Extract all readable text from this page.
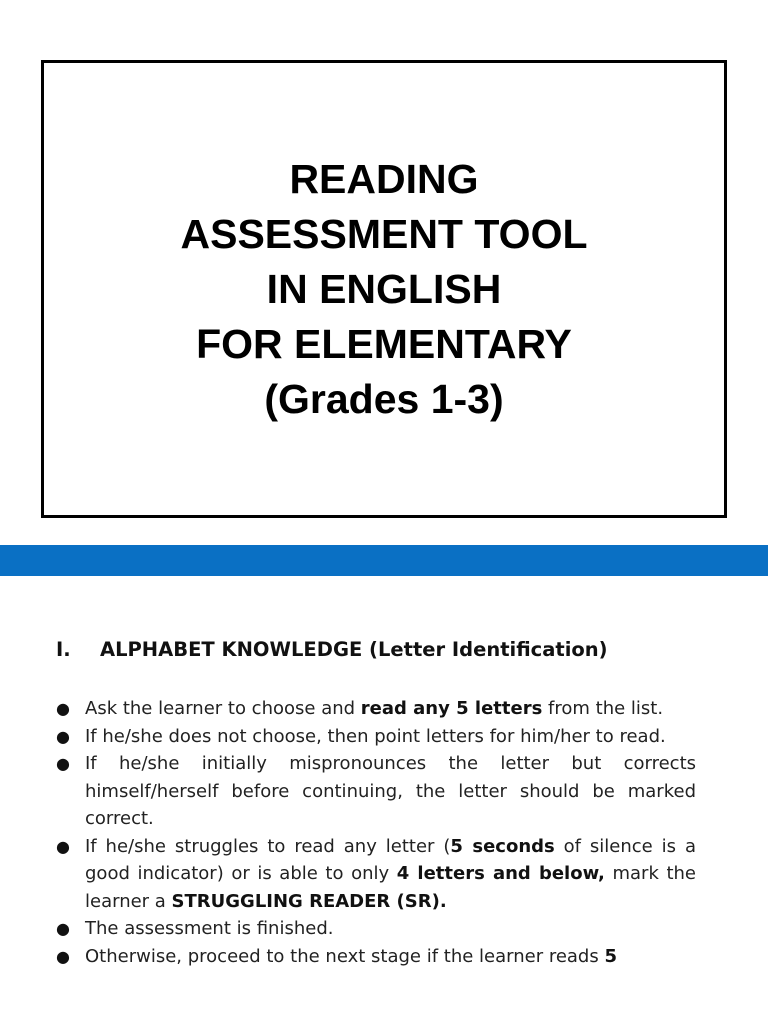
READING
ASSESSMENT TOOL
IN ENGLISH
FOR ELEMENTARY
(Grades 1-3)
I. ALPHABET KNOWLEDGE (Letter Identification)
● Ask the learner to choose and read any 5 letters from the list.
● If he/she does not choose, then point letters for him/her to read.
● If he/she initially mispronounces the letter but corrects himself/herself before continuing, the letter should be marked correct.
● If he/she struggles to read any letter (5 seconds of silence is a good indicator) or is able to only 4 letters and below, mark the learner a STRUGGLING READER (SR).
● The assessment is finished.
● Otherwise, proceed to the next stage if the learner reads 5
